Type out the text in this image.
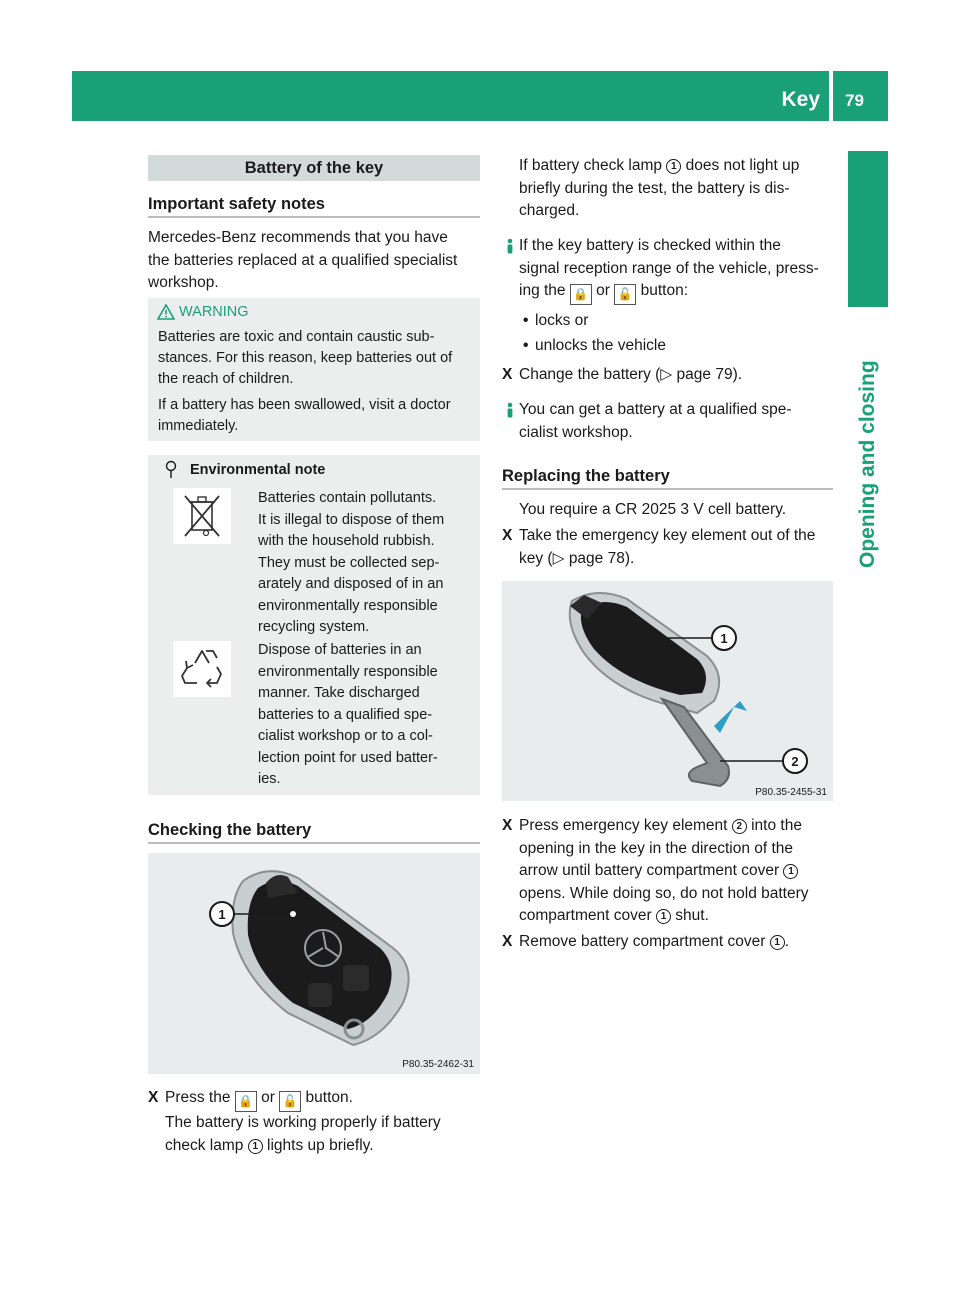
Key 79
Opening and closing
Battery of the key
Important safety notes

Mercedes-Benz recommends that you have

the batteries replaced at a qualified specialist

workshop.

WARNING

Batteries are toxic and contain caustic sub-

stances. For this reason, keep batteries out of

the reach of children.

If a battery has been swallowed, visit a doctor

immediately.

Environmental note

Batteries contain pollutants.

It is illegal to dispose of them

with the household rubbish.

They must be collected sep-

arately and disposed of in an

environmentally responsible

recycling system.

Dispose of batteries in an

environmentally responsible

manner. Take discharged

batteries to a qualified spe-

cialist workshop or to a col-

lection point for used batter-

ies.

Checking the battery
1
P80.35-2462-31

X Press the 🔒 or 🔓 button.

The battery is working properly if battery

check lamp 1 lights up briefly.

If battery check lamp 1 does not light up

briefly during the test, the battery is dis-

charged.

If the key battery is checked within the

signal reception range of the vehicle, press-

ing the 🔒 or 🔓 button:

• locks or

• unlocks the vehicle

X Change the battery (▷ page 79).

You can get a battery at a qualified spe-

cialist workshop.

Replacing the battery
You require a CR 2025 3 V cell battery.
X Take the emergency key element out of the

key (▷ page 78).

1
2
P80.35-2455-31
X Press emergency key element 2 into the

opening in the key in the direction of the

arrow until battery compartment cover 1

opens. While doing so, do not hold battery

compartment cover 1 shut.

X Remove battery compartment cover 1 .
